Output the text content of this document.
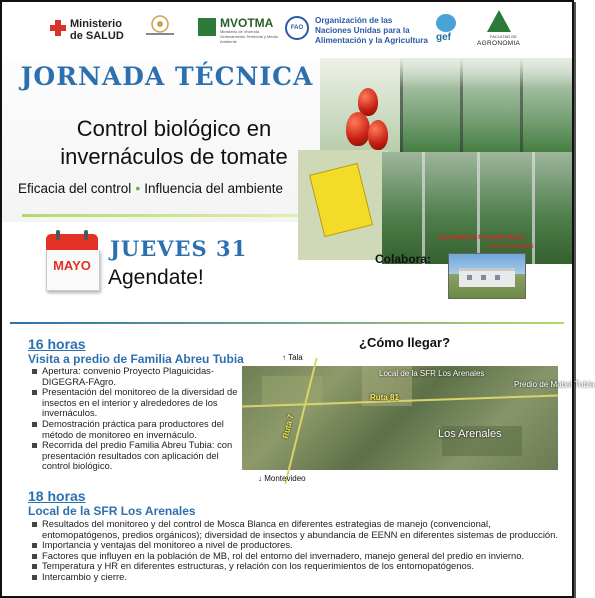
Ministerio
de SALUD
MVOTMA
Ministerio de Vivienda Ordenamiento Territorial y Medio Ambiente
FAO
Organización de las Naciones Unidas para la Alimentación y la Agricultura gef	FACULTAD DE
AGRONOMIA
JORNADA TÉCNICA
Control biológico en
invernáculos de tomate
Eficacia del control • Influencia del ambiente
MAYO
JUEVES 31
Agendate!
Colabora:
Sociedad de Fomento Rural
Los Arenales
16 horas
Visita a predio de Familia Abreu Tubia
Apertura: convenio Proyecto Plaguicidas-DIGEGRA-FAgro.
Presentación del monitoreo de la diversidad de insectos en el interior y alrededores de los invernáculos.
Demostración práctica para productores del método de monitoreo en invernáculo.
Recorrida del predio Familia Abreu Tubia: con presentación resultados con aplicación del control biológico.
¿Cómo llegar?
↑ Tala
Local de la SFR Los Arenales
Predio de Mabel Tubía
Ruta 81
Ruta 7	Los Arenales
↓ Montevideo
18 horas
Local de la SFR Los Arenales
Resultados del monitoreo y del control de Mosca Blanca en diferentes estrategias de manejo (convencional, entomopatógenos, predios orgánicos); diversidad de insectos y abundancia de EENN en diferentes sistemas de producción.
Importancia y ventajas del monitoreo a nivel de productores.
Factores que influyen en la población de MB, rol del entorno del invernadero, manejo general del predio en invierno.
Temperatura y HR en diferentes estructuras, y relación con los requerimientos de los entomopatógenos.
Intercambio y cierre.
